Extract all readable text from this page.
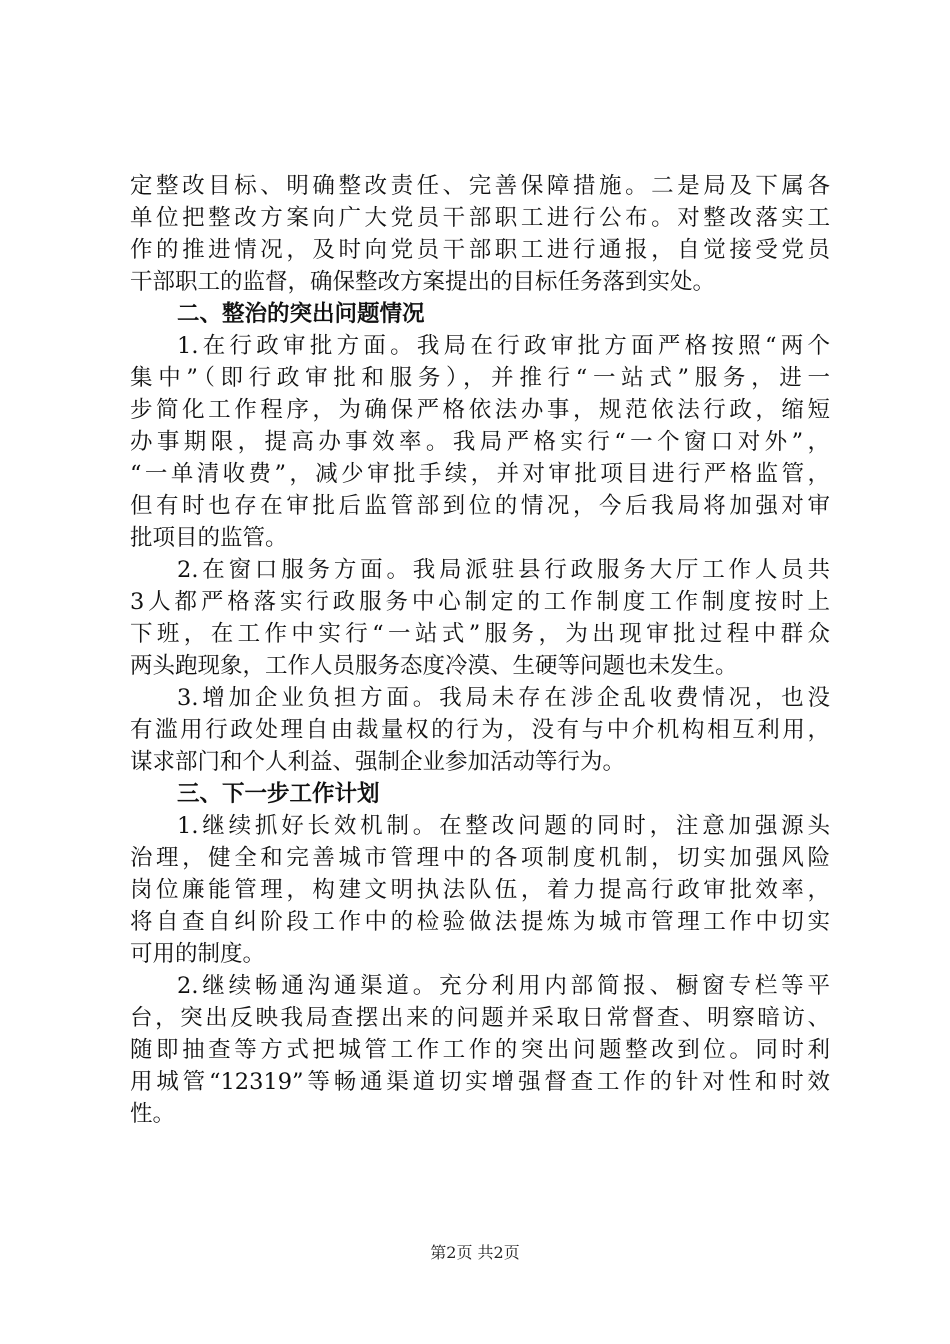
定整改目标、明确整改责任、完善保障措施。二是局及下属各
单位把整改方案向广大党员干部职工进行公布。对整改落实工
作的推进情况，及时向党员干部职工进行通报，自觉接受党员
干部职工的监督，确保整改方案提出的目标任务落到实处。
二、整治的突出问题情况
1.在行政审批方面。我局在行政审批方面严格按照“两个
集中”（即行政审批和服务），并推行“一站式”服务，进一
步简化工作程序，为确保严格依法办事，规范依法行政，缩短
办事期限，提高办事效率。我局严格实行“一个窗口对外”，
“一单清收费”，减少审批手续，并对审批项目进行严格监管，
但有时也存在审批后监管部到位的情况，今后我局将加强对审
批项目的监管。
2.在窗口服务方面。我局派驻县行政服务大厅工作人员共
3人都严格落实行政服务中心制定的工作制度工作制度按时上
下班，在工作中实行“一站式”服务，为出现审批过程中群众
两头跑现象，工作人员服务态度冷漠、生硬等问题也未发生。
3.增加企业负担方面。我局未存在涉企乱收费情况，也没
有滥用行政处理自由裁量权的行为，没有与中介机构相互利用，
谋求部门和个人利益、强制企业参加活动等行为。
三、下一步工作计划
1.继续抓好长效机制。在整改问题的同时，注意加强源头
治理，健全和完善城市管理中的各项制度机制，切实加强风险
岗位廉能管理，构建文明执法队伍，着力提高行政审批效率，
将自查自纠阶段工作中的检验做法提炼为城市管理工作中切实
可用的制度。
2.继续畅通沟通渠道。充分利用内部简报、橱窗专栏等平
台，突出反映我局查摆出来的问题并采取日常督查、明察暗访、
随即抽查等方式把城管工作工作的突出问题整改到位。同时利
用城管“12319”等畅通渠道切实增强督查工作的针对性和时效
性。
第2页 共2页
